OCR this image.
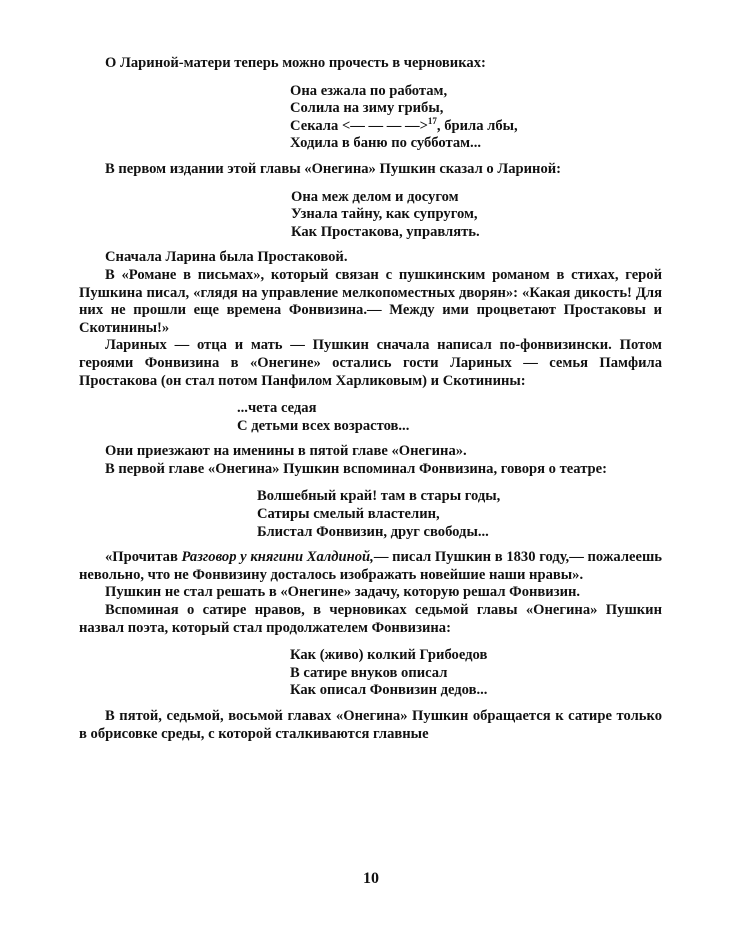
О Лариной-матери теперь можно прочесть в черновиках:

Она езжала по работам,
Солила на зиму грибы,
Секала <— — — —>$^{17}$, брила лбы,
Ходила в баню по субботам...

В первом издании этой главы «Онегина» Пушкин сказал о Лариной:

Она меж делом и досугом
Узнала тайну, как супругом,
Как Простакова, управлять.

Сначала Ларина была Простаковой.

В «Романе в письмах», который связан с пушкинским романом в стихах, герой Пушкина писал, «глядя на управление мелкопоместных дворян»: «Какая дикость! Для них не прошли еще времена Фонвизина.— Между ими процветают Простаковы и Скотинины!»

Лариных — отца и мать — Пушкин сначала написал по-фонвизински. Потом героями Фонвизина в «Онегине» остались гости Лариных — семья Памфила Простакова (он стал потом Панфилом Харликовым) и Скотинины:

...чета седая
С детьми всех возрастов...

Они приезжают на именины в пятой главе «Онегина».

В первой главе «Онегина» Пушкин вспоминал Фонвизина, говоря о театре:

Волшебный край! там в стары годы,
Сатиры смелый властелин,
Блистал Фонвизин, друг свободы...

«Прочитав Разговор у княгини Халдиной,— писал Пушкин в 1830 году,— пожалеешь невольно, что не Фонвизину досталось изображать новейшие наши нравы».

Пушкин не стал решать в «Онегине» задачу, которую решал Фонвизин.

Вспоминая о сатире нравов, в черновиках седьмой главы «Онегина» Пушкин назвал поэта, который стал продолжателем Фонвизина:

Как (живо) колкий Грибоедов
В сатире внуков описал
Как описал Фонвизин дедов...

В пятой, седьмой, восьмой главах «Онегина» Пушкин обращается к сатире только в обрисовке среды, с которой сталкиваются главные

10
